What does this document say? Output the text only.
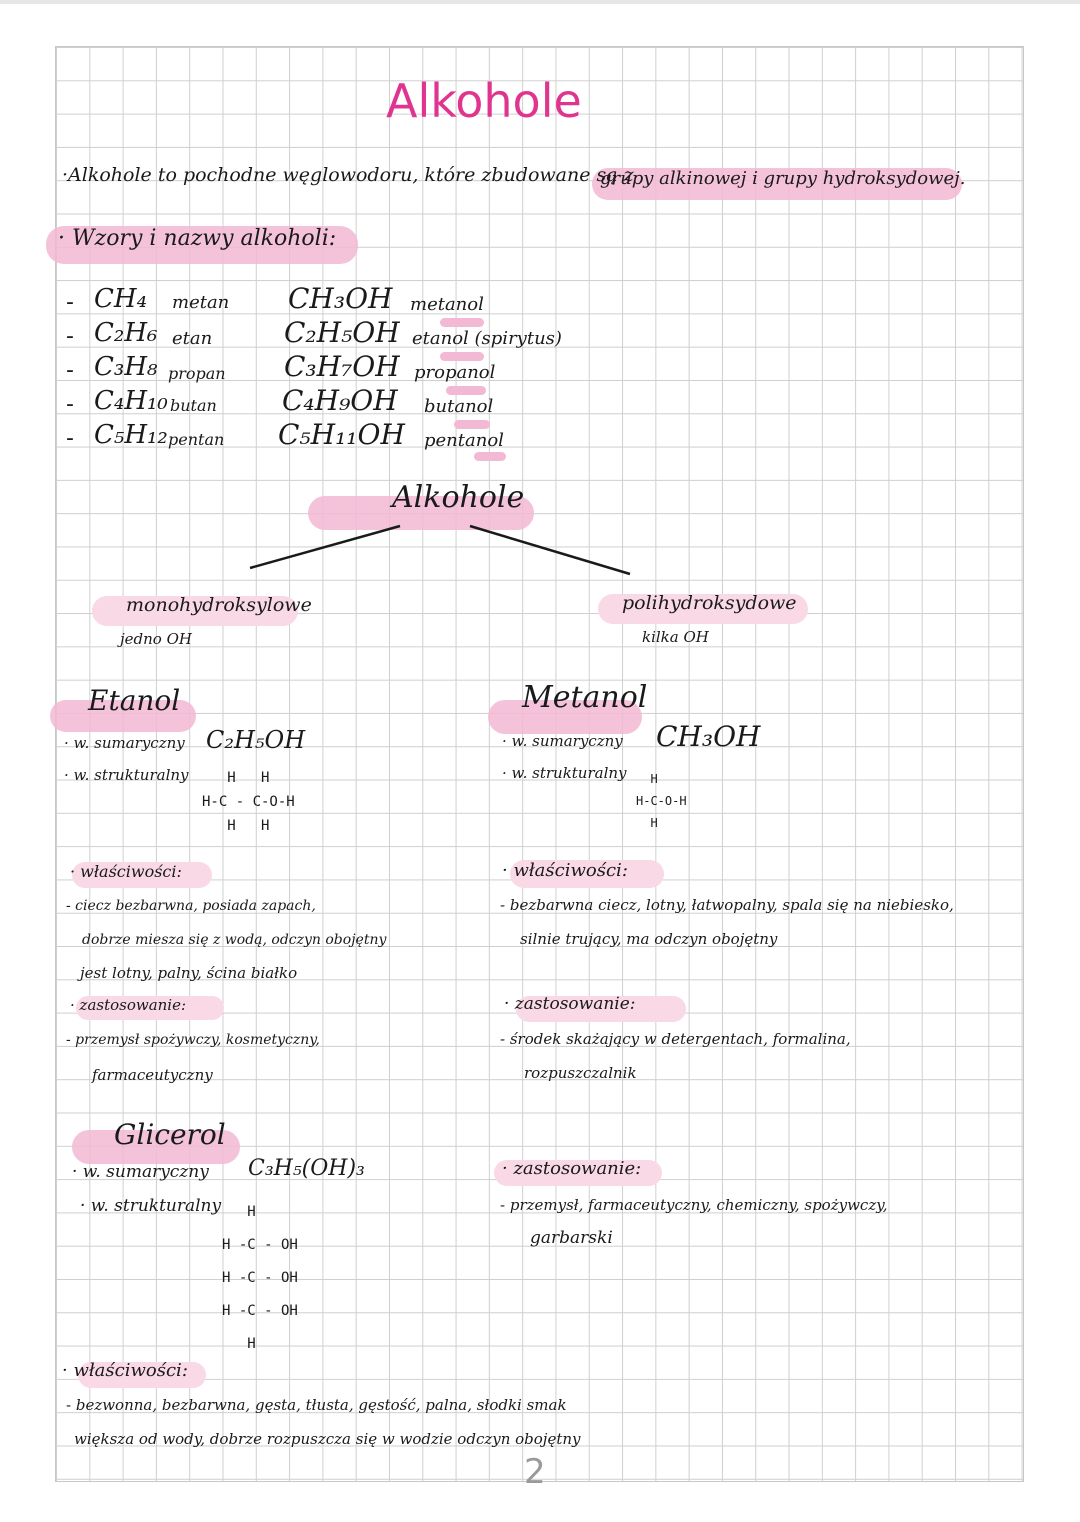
Alkohole
·Alkohole to pochodne węglowodoru, które zbudowane są z
grupy alkinowej i grupy hydroksydowej.
· Wzory i nazwy alkoholi:
- CH₄ metan CH₃OH metanol
- C₂H₆ etan	C₂H₅OH etanol (spirytus)
- C₃H₈ propan C₃H₇OH propanol
- C₄H₁₀ butan C₄H₉OH butanol
- C₅H₁₂ pentan C₅H₁₁OH pentanol
Alkohole
monohydroksylowe
jedno OH
polihydroksydowe
kilka OH
Etanol
· w. sumaryczny C₂H₅OH
· w. strukturalny	H   H
H-C - C-O-H
H   H
· właściwości:
- ciecz bezbarwna, posiada zapach,
dobrze miesza się z wodą, odczyn obojętny
jest lotny, palny, ścina białko
· zastosowanie:
- przemysł spożywczy, kosmetyczny,
farmaceutyczny
Metanol
· w. sumaryczny CH₃OH
· w. strukturalny	H
H-C-O-H
H
· właściwości:
- bezbarwna ciecz, lotny, łatwopalny, spala się na niebiesko,
silnie trujący, ma odczyn obojętny
· zastosowanie:
- środek skażający w detergentach, formalina,
rozpuszczalnik
Glicerol
· w. sumaryczny C₃H₅(OH)₃
· w. strukturalny	H
H -C - OH
H -C - OH
H -C - OH
H
· zastosowanie:
- przemysł, farmaceutyczny, chemiczny, spożywczy,
garbarski
· właściwości:
- bezwonna, bezbarwna, gęsta, tłusta, gęstość, palna, słodki smak
większa od wody, dobrze rozpuszcza się w wodzie odczyn obojętny
2
